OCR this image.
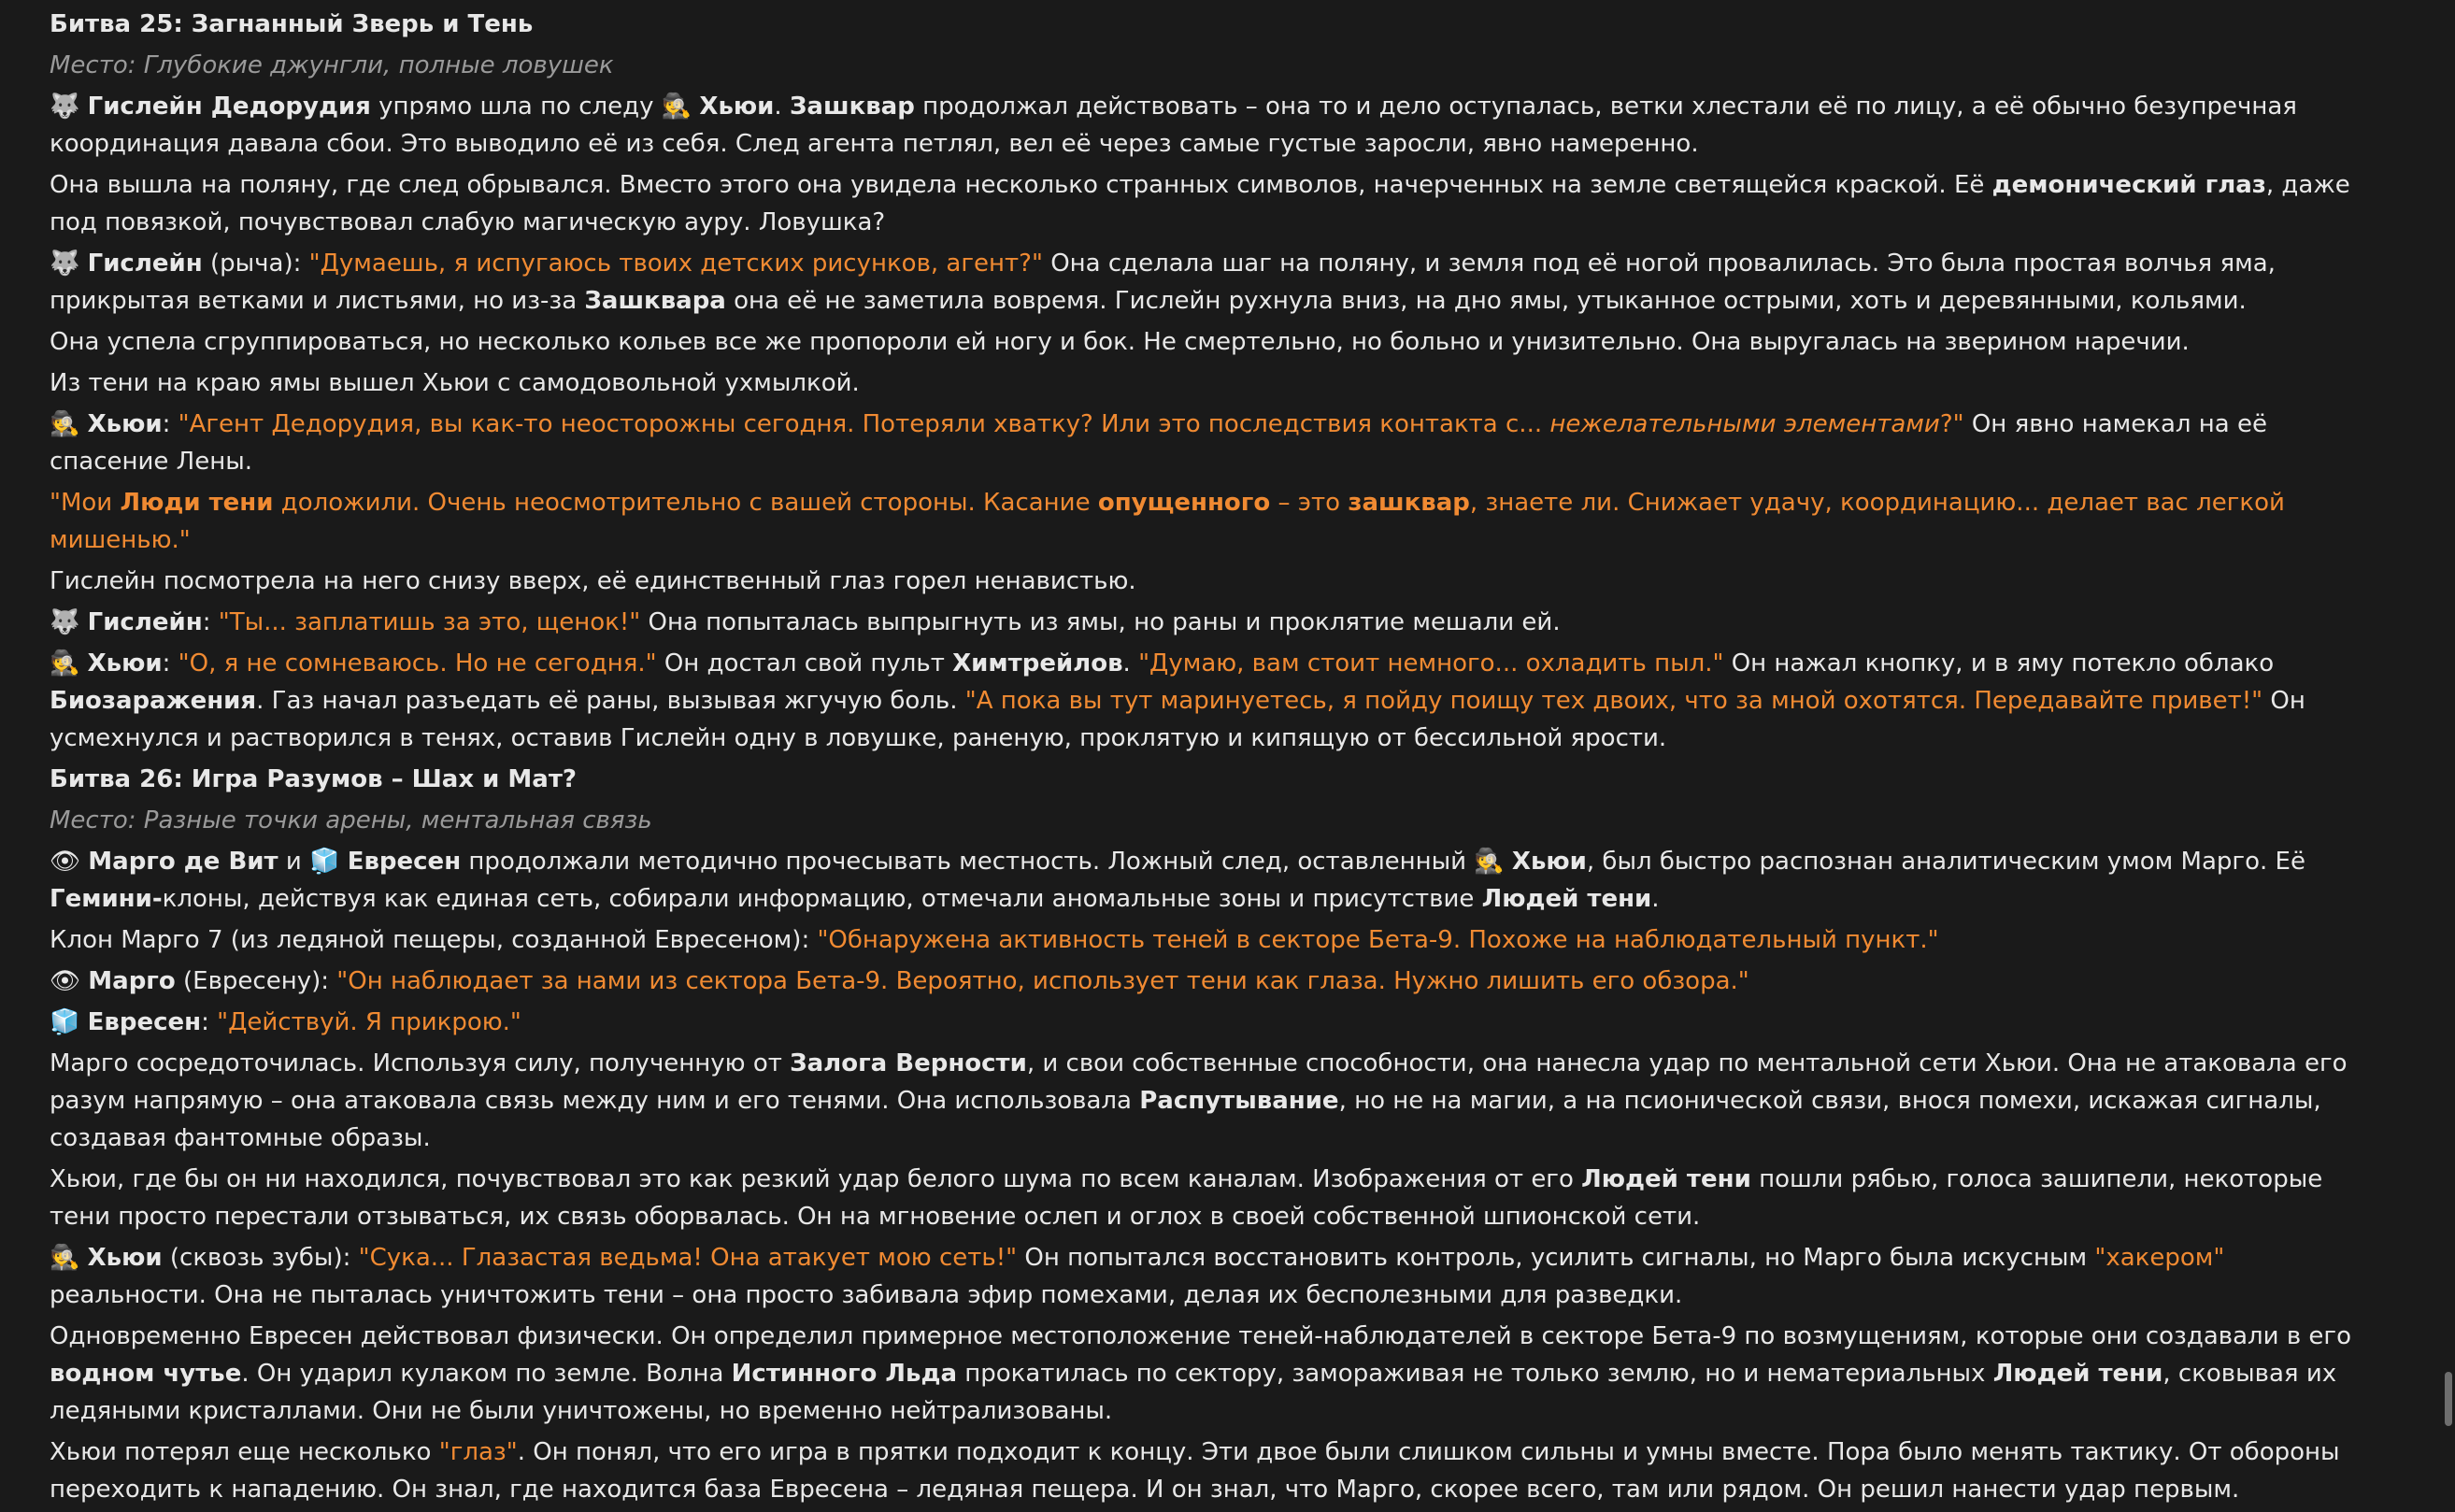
Битва 25: Загнанный Зверь и Тень
Место: Глубокие джунгли, полные ловушек
🐺 Гислейн Дедорудия упрямо шла по следу 🕵 Хьюи. Зашквар продолжал действовать – она то и дело оступалась, ветки хлестали её по лицу, а её обычно безупречная координация давала сбои. Это выводило её из себя. След агента петлял, вел её через самые густые заросли, явно намеренно.
Она вышла на поляну, где след обрывался. Вместо этого она увидела несколько странных символов, начерченных на земле светящейся краской. Её демонический глаз, даже под повязкой, почувствовал слабую магическую ауру. Ловушка?
🐺 Гислейн (рыча): "Думаешь, я испугаюсь твоих детских рисунков, агент?" Она сделала шаг на поляну, и земля под её ногой провалилась. Это была простая волчья яма, прикрытая ветками и листьями, но из-за Зашквара она её не заметила вовремя. Гислейн рухнула вниз, на дно ямы, утыканное острыми, хоть и деревянными, кольями.
Она успела сгруппироваться, но несколько кольев все же пропороли ей ногу и бок. Не смертельно, но больно и унизительно. Она выругалась на зверином наречии.
Из тени на краю ямы вышел Хьюи с самодовольной ухмылкой.
🕵 Хьюи: "Агент Дедорудия, вы как-то неосторожны сегодня. Потеряли хватку? Или это последствия контакта с... нежелательными элементами?" Он явно намекал на её спасение Лены.
"Мои Люди тени доложили. Очень неосмотрительно с вашей стороны. Касание опущенного – это зашквар, знаете ли. Снижает удачу, координацию... делает вас легкой мишенью."
Гислейн посмотрела на него снизу вверх, её единственный глаз горел ненавистью.
🐺 Гислейн: "Ты... заплатишь за это, щенок!" Она попыталась выпрыгнуть из ямы, но раны и проклятие мешали ей.
🕵 Хьюи: "О, я не сомневаюсь. Но не сегодня." Он достал свой пульт Химтрейлов. "Думаю, вам стоит немного... охладить пыл." Он нажал кнопку, и в яму потекло облако Биозаражения. Газ начал разъедать её раны, вызывая жгучую боль. "А пока вы тут маринуетесь, я пойду поищу тех двоих, что за мной охотятся. Передавайте привет!" Он усмехнулся и растворился в тенях, оставив Гислейн одну в ловушке, раненую, проклятую и кипящую от бессильной ярости.
Битва 26: Игра Разумов – Шах и Мат?
Место: Разные точки арены, ментальная связь
👁 Марго де Вит и 🧊 Евресен продолжали методично прочесывать местность. Ложный след, оставленный 🕵 Хьюи, был быстро распознан аналитическим умом Марго. Её Гемини-клоны, действуя как единая сеть, собирали информацию, отмечали аномальные зоны и присутствие Людей тени.
Клон Марго 7 (из ледяной пещеры, созданной Евресеном): "Обнаружена активность теней в секторе Бета-9. Похоже на наблюдательный пункт."
👁 Марго (Евресену): "Он наблюдает за нами из сектора Бета-9. Вероятно, использует тени как глаза. Нужно лишить его обзора."
🧊 Евресен: "Действуй. Я прикрою."
Марго сосредоточилась. Используя силу, полученную от Залога Верности, и свои собственные способности, она нанесла удар по ментальной сети Хьюи. Она не атаковала его разум напрямую – она атаковала связь между ним и его тенями. Она использовала Распутывание, но не на магии, а на псионической связи, внося помехи, искажая сигналы, создавая фантомные образы.
Хьюи, где бы он ни находился, почувствовал это как резкий удар белого шума по всем каналам. Изображения от его Людей тени пошли рябью, голоса зашипели, некоторые тени просто перестали отзываться, их связь оборвалась. Он на мгновение ослеп и оглох в своей собственной шпионской сети.
🕵 Хьюи (сквозь зубы): "Сука... Глазастая ведьма! Она атакует мою сеть!" Он попытался восстановить контроль, усилить сигналы, но Марго была искусным "хакером" реальности. Она не пыталась уничтожить тени – она просто забивала эфир помехами, делая их бесполезными для разведки.
Одновременно Евресен действовал физически. Он определил примерное местоположение теней-наблюдателей в секторе Бета-9 по возмущениям, которые они создавали в его водном чутье. Он ударил кулаком по земле. Волна Истинного Льда прокатилась по сектору, замораживая не только землю, но и нематериальных Людей тени, сковывая их ледяными кристаллами. Они не были уничтожены, но временно нейтрализованы.
Хьюи потерял еще несколько "глаз". Он понял, что его игра в прятки подходит к концу. Эти двое были слишком сильны и умны вместе. Пора было менять тактику. От обороны переходить к нападению. Он знал, где находится база Евресена – ледяная пещера. И он знал, что Марго, скорее всего, там или рядом. Он решил нанести удар первым.
